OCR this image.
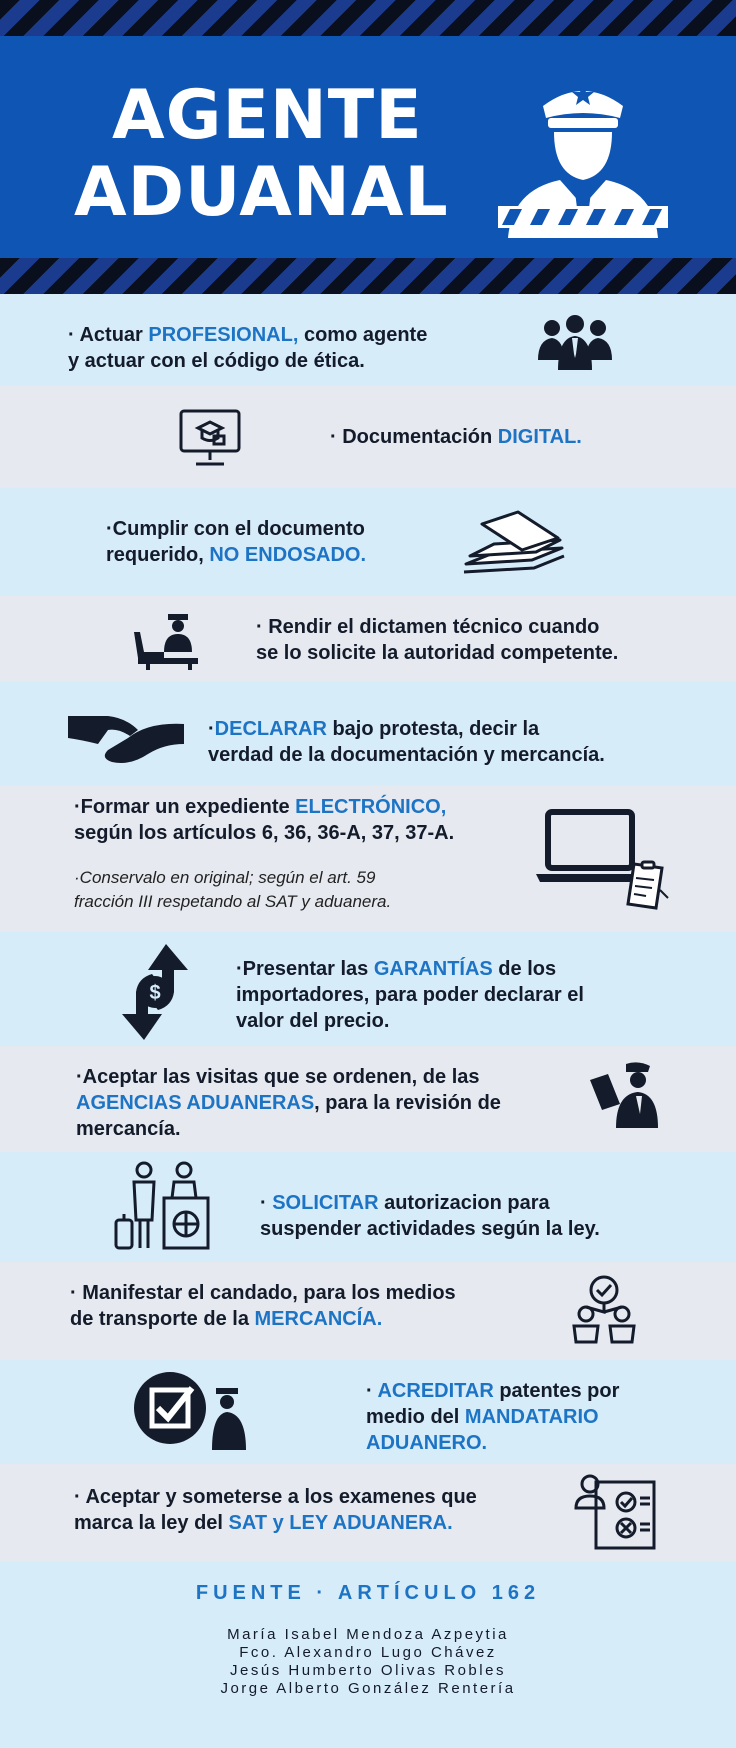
AGENTE
ADUANAL
· Actuar PROFESIONAL, como agente
y actuar con el código de ética.
· Documentación DIGITAL.
·Cumplir con el documento
requerido, NO ENDOSADO.
· Rendir el dictamen técnico cuando
se lo solicite la autoridad competente.
·DECLARAR bajo protesta, decir la
verdad de la documentación y mercancía.
·Formar un expediente ELECTRÓNICO,
según los artículos 6, 36, 36-A, 37, 37-A.
·Conservalo en original; según el art. 59
fracción III respetando al SAT y aduanera.
$
·Presentar las GARANTÍAS de los
importadores, para poder declarar el
valor del precio.
·Aceptar las visitas que se ordenen, de las
AGENCIAS ADUANERAS, para la revisión de
mercancía.
· SOLICITAR autorizacion para
suspender actividades según la ley.
· Manifestar el candado, para los medios
de transporte de la MERCANCÍA.
· ACREDITAR patentes por
medio del MANDATARIO
ADUANERO.
· Aceptar y someterse a los examenes que
marca la ley del SAT y LEY ADUANERA.
FUENTE · ARTÍCULO 162
María Isabel Mendoza Azpeytia
Fco. Alexandro Lugo Chávez
Jesús Humberto Olivas Robles
Jorge Alberto González Rentería
